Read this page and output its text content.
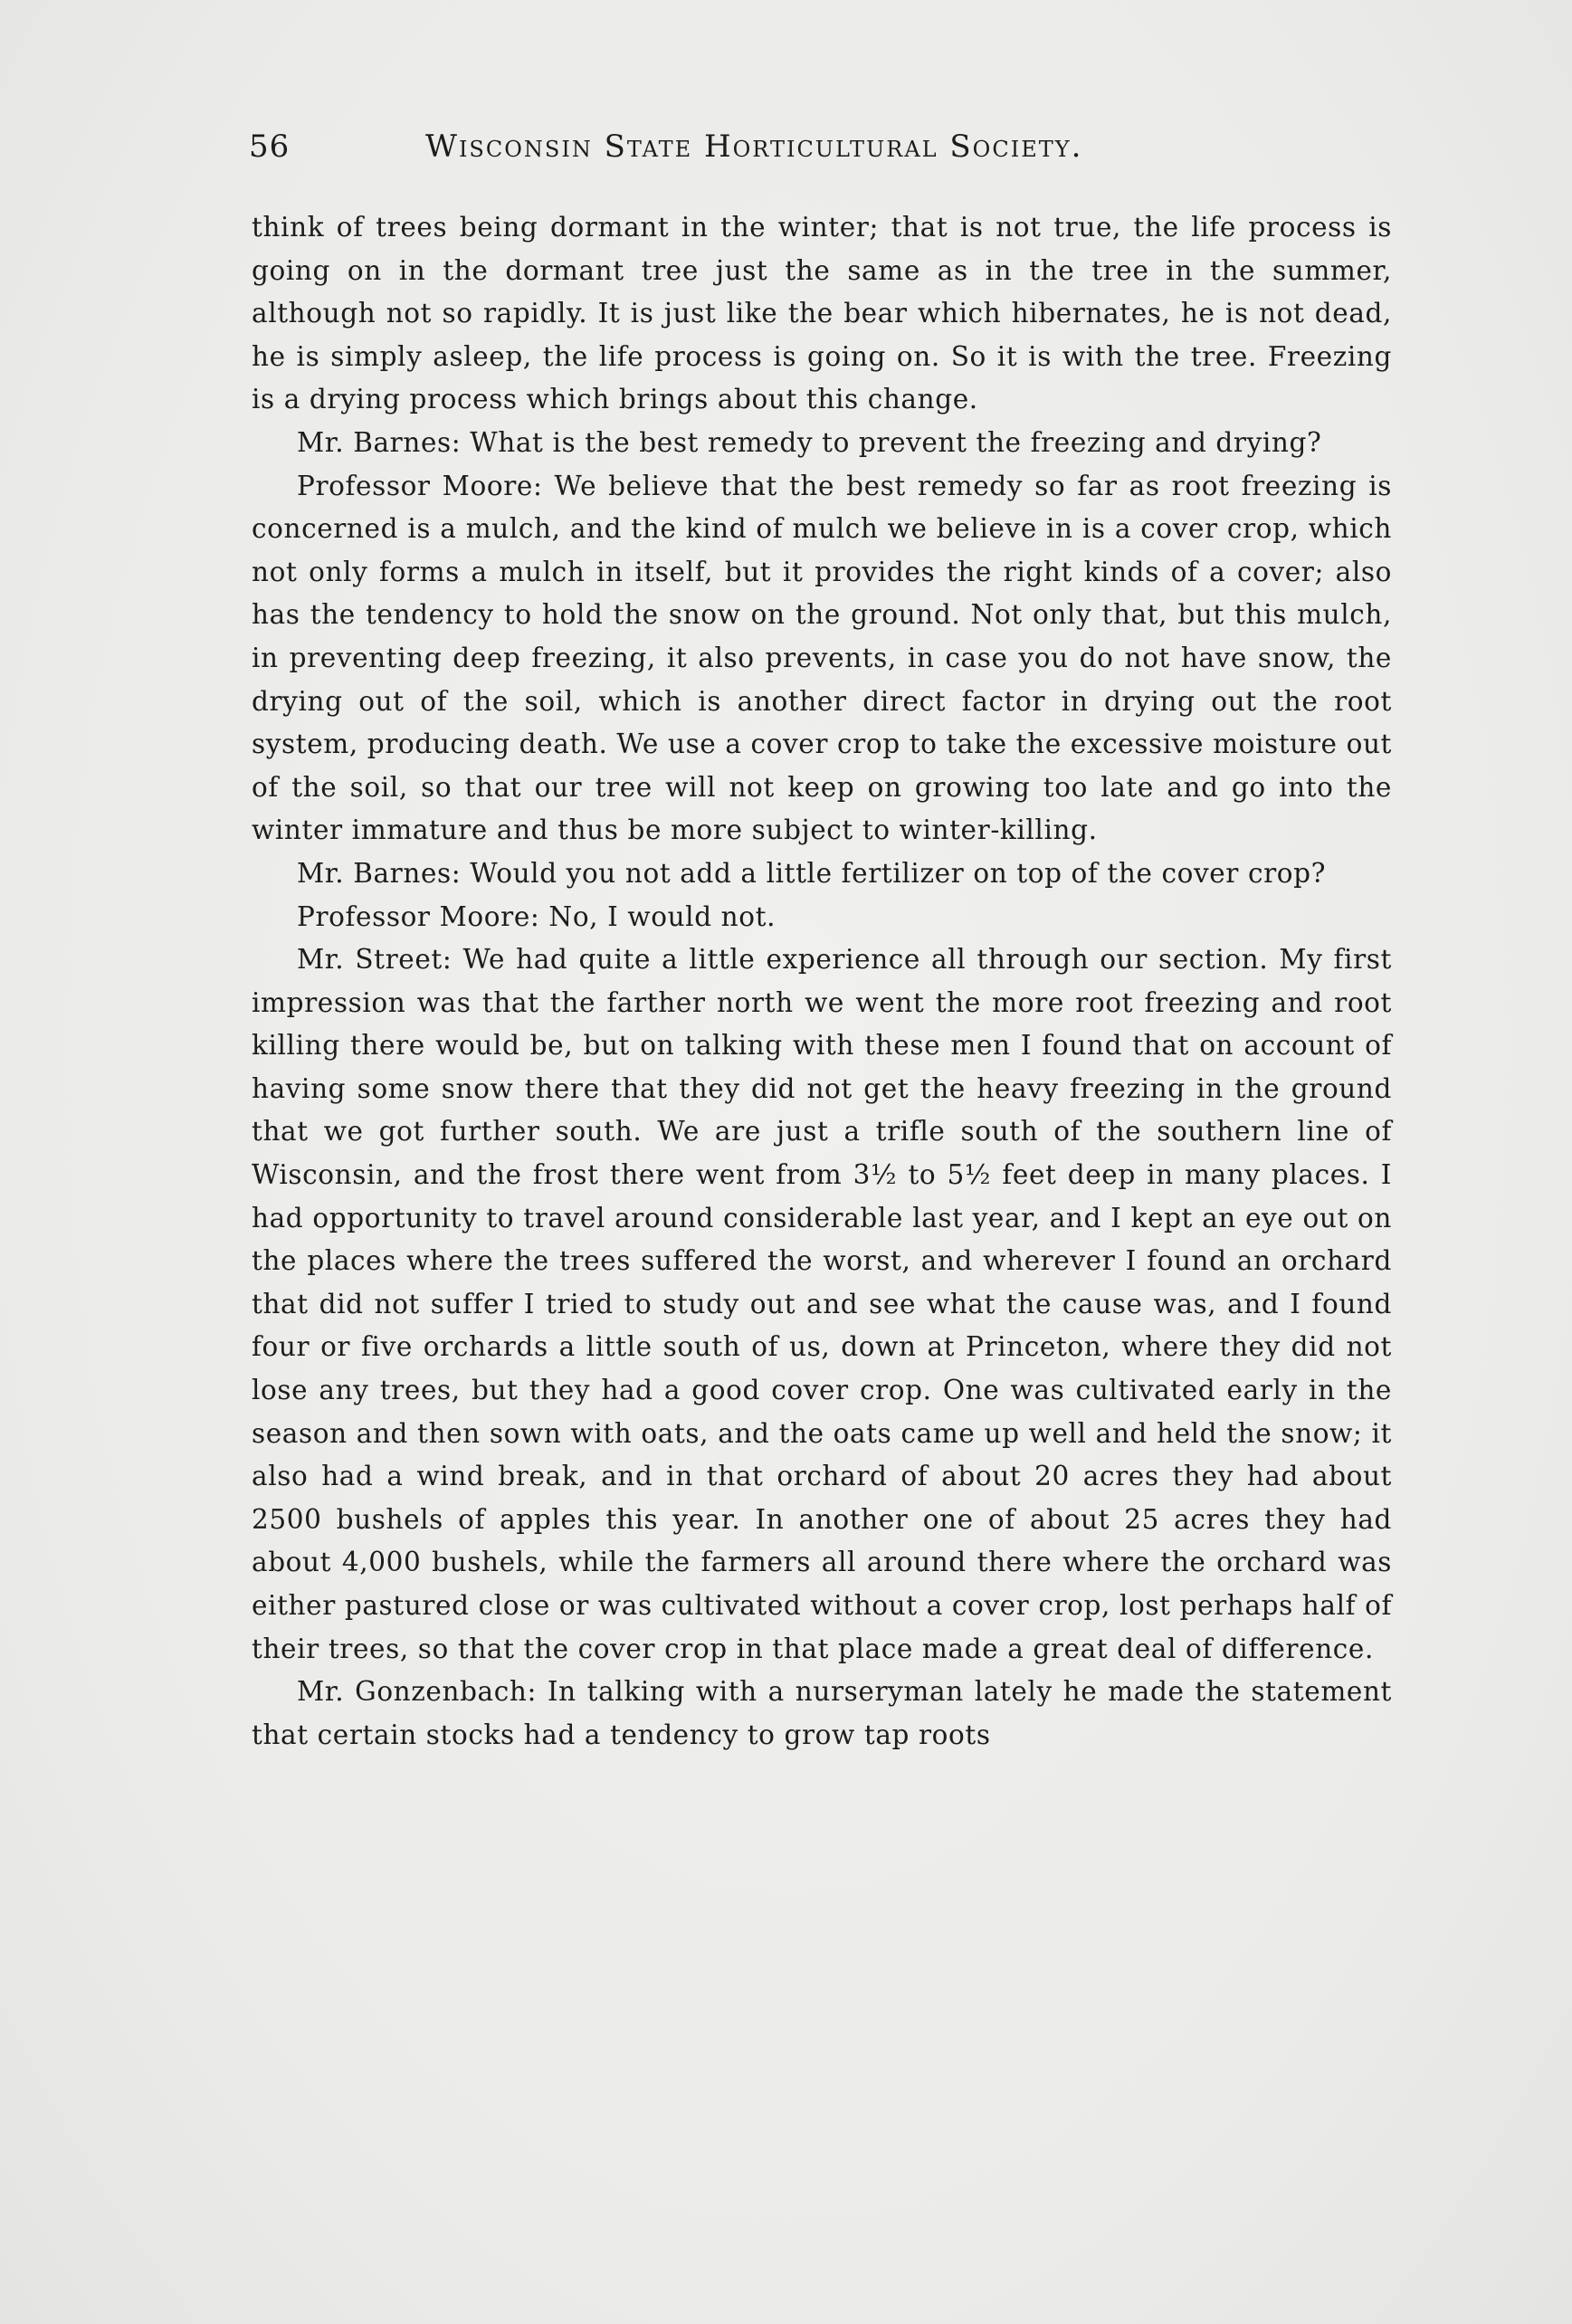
56	Wisconsin State Horticultural Society.

think of trees being dormant in the winter; that is not true, the life process is going on in the dormant tree just the same as in the tree in the summer, although not so rapidly. It is just like the bear which hibernates, he is not dead, he is simply asleep, the life process is going on. So it is with the tree. Freezing is a drying process which brings about this change.

Mr. Barnes: What is the best remedy to prevent the freezing and drying?

Professor Moore: We believe that the best remedy so far as root freezing is concerned is a mulch, and the kind of mulch we believe in is a cover crop, which not only forms a mulch in itself, but it provides the right kinds of a cover; also has the tendency to hold the snow on the ground. Not only that, but this mulch, in preventing deep freezing, it also prevents, in case you do not have snow, the drying out of the soil, which is another direct factor in drying out the root system, producing death. We use a cover crop to take the excessive moisture out of the soil, so that our tree will not keep on growing too late and go into the winter immature and thus be more subject to winter-killing.

Mr. Barnes: Would you not add a little fertilizer on top of the cover crop?

Professor Moore: No, I would not.

Mr. Street: We had quite a little experience all through our section. My first impression was that the farther north we went the more root freezing and root killing there would be, but on talking with these men I found that on account of having some snow there that they did not get the heavy freezing in the ground that we got further south. We are just a trifle south of the southern line of Wisconsin, and the frost there went from 3½ to 5½ feet deep in many places. I had opportunity to travel around considerable last year, and I kept an eye out on the places where the trees suffered the worst, and wherever I found an orchard that did not suffer I tried to study out and see what the cause was, and I found four or five orchards a little south of us, down at Princeton, where they did not lose any trees, but they had a good cover crop. One was cultivated early in the season and then sown with oats, and the oats came up well and held the snow; it also had a wind break, and in that orchard of about 20 acres they had about 2500 bushels of apples this year. In another one of about 25 acres they had about 4,000 bushels, while the farmers all around there where the orchard was either pastured close or was cultivated without a cover crop, lost perhaps half of their trees, so that the cover crop in that place made a great deal of difference.

Mr. Gonzenbach: In talking with a nurseryman lately he made the statement that certain stocks had a tendency to grow tap roots
